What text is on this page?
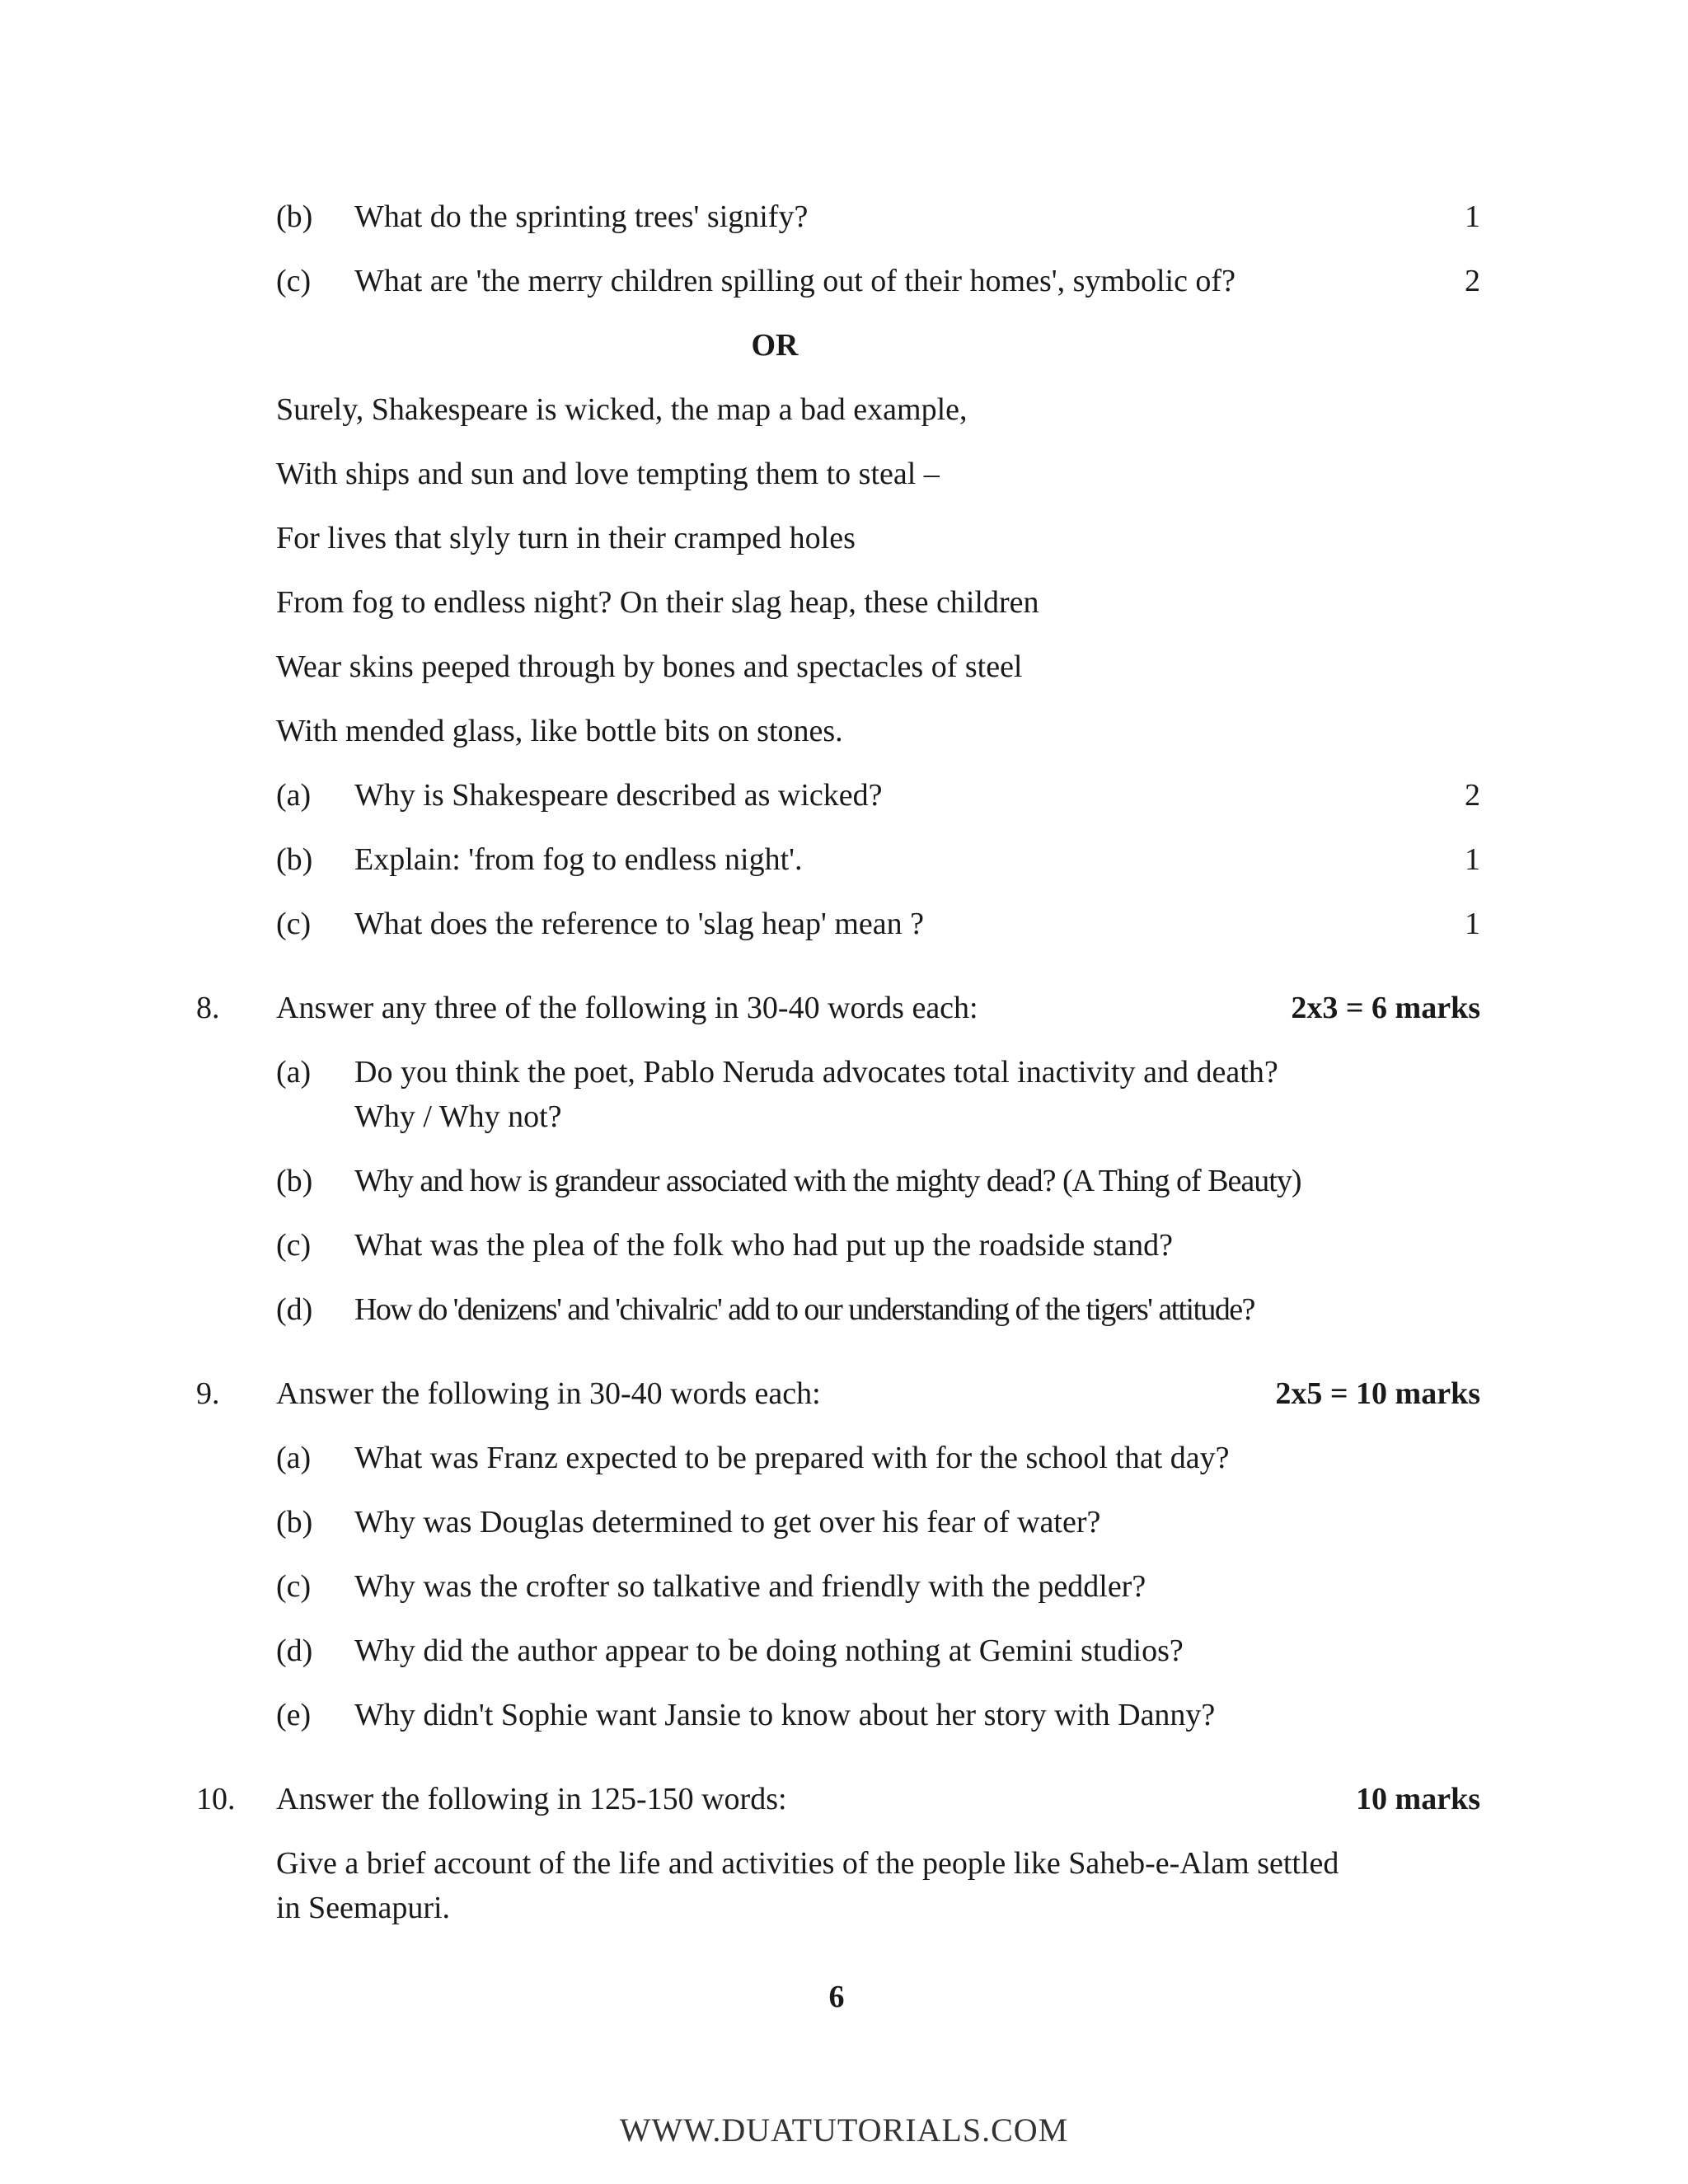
(b) What do the sprinting trees' signify?	1
(c) What are 'the merry children spilling out of their homes', symbolic of?	2
OR
Surely, Shakespeare is wicked, the map a bad example,
With ships and sun and love tempting them to steal –
For lives that slyly turn in their cramped holes
From fog to endless night? On their slag heap, these children
Wear skins peeped through by bones and spectacles of steel
With mended glass, like bottle bits on stones.
(a) Why is Shakespeare described as wicked?	2
(b) Explain: 'from fog to endless night'.	1
(c) What does the reference to 'slag heap' mean ?	1
8. Answer any three of the following in 30-40 words each:	2x3 = 6 marks
(a) Do you think the poet, Pablo Neruda advocates total inactivity and death?
Why / Why not?
(b) Why and how is grandeur associated with the mighty dead? (A Thing of Beauty)
(c) What was the plea of the folk who had put up the roadside stand?
(d) How do 'denizens' and 'chivalric' add to our understanding of the tigers' attitude?
9. Answer the following in 30-40 words each:	2x5 = 10 marks
(a) What was Franz expected to be prepared with for the school that day?
(b) Why was Douglas determined to get over his fear of water?
(c) Why was the crofter so talkative and friendly with the peddler?
(d) Why did the author appear to be doing nothing at Gemini studios?
(e) Why didn't Sophie want Jansie to know about her story with Danny?
10. Answer the following in 125-150 words:	10 marks
Give a brief account of the life and activities of the people like Saheb-e-Alam settled
in Seemapuri.
6
WWW.DUATUTORIALS.COM
